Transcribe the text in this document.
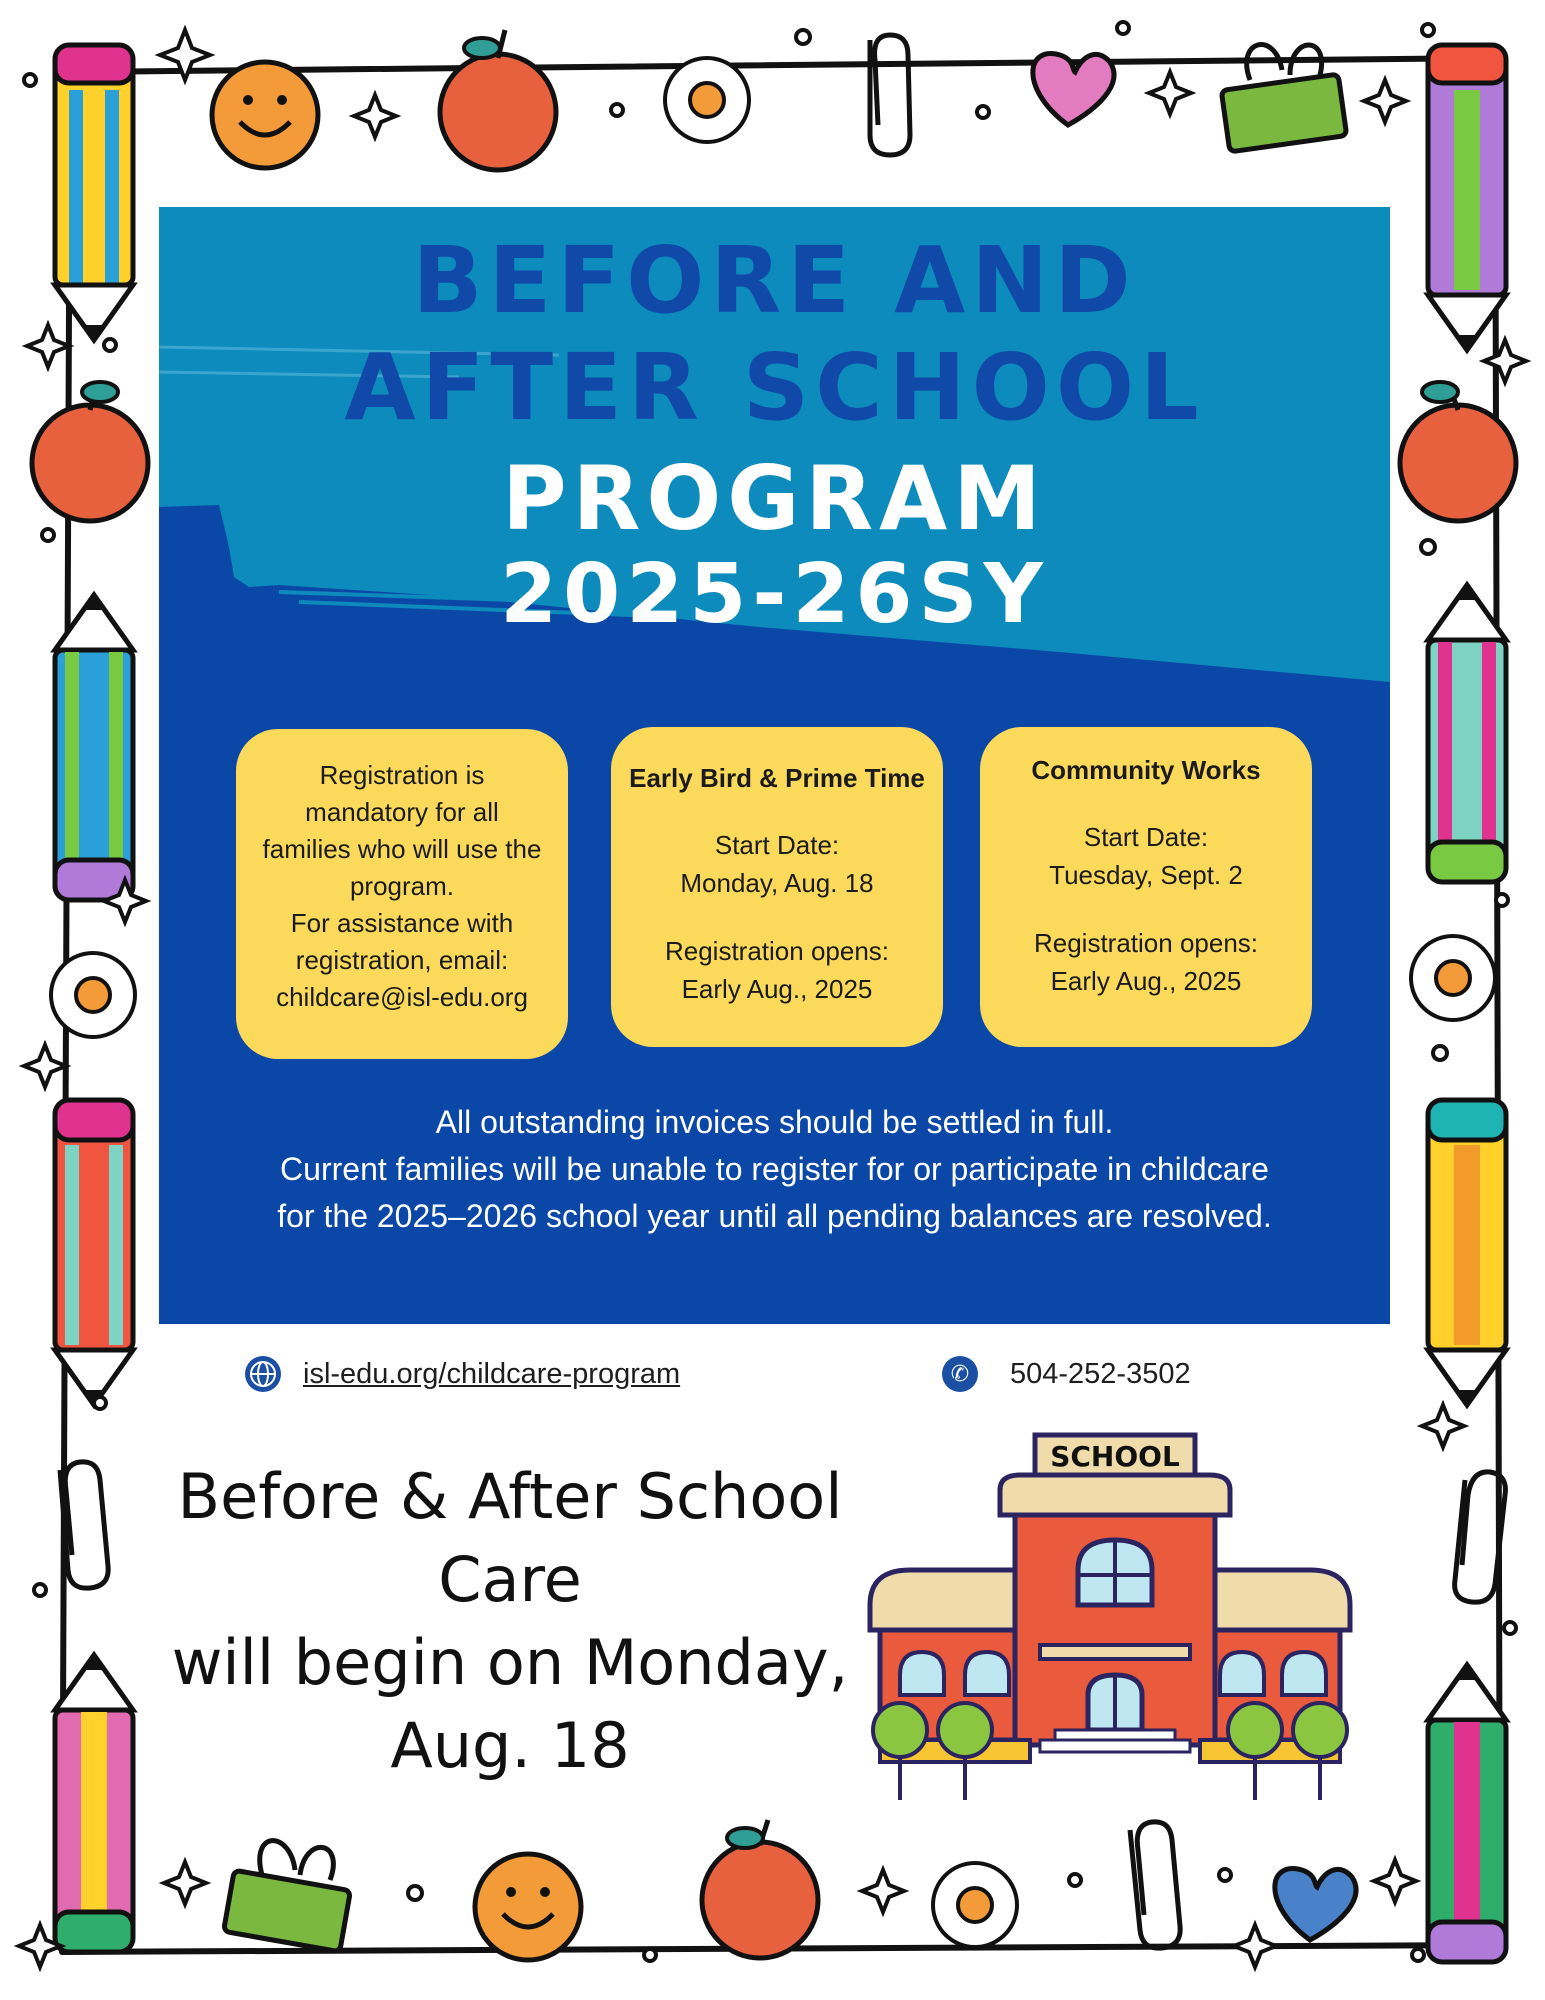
BEFORE AND
AFTER SCHOOL
PROGRAM
2025-26SY

Registration is

mandatory for all

families who will use the

program.

For assistance with

registration, email:

childcare@isl-edu.org

Early Bird & Prime Time

Start Date:

Monday, Aug. 18

Registration opens:

Early Aug., 2025

Community Works

Start Date:

Tuesday, Sept. 2

Registration opens:

Early Aug., 2025

All outstanding invoices should be settled in full.
Current families will be unable to register for or participate in childcare
for the 2025–2026 school year until all pending balances are resolved.
isl-edu.org/childcare-program	✆	504-252-3502
Before & After School
Care
will begin on Monday,
Aug. 18
SCHOOL
